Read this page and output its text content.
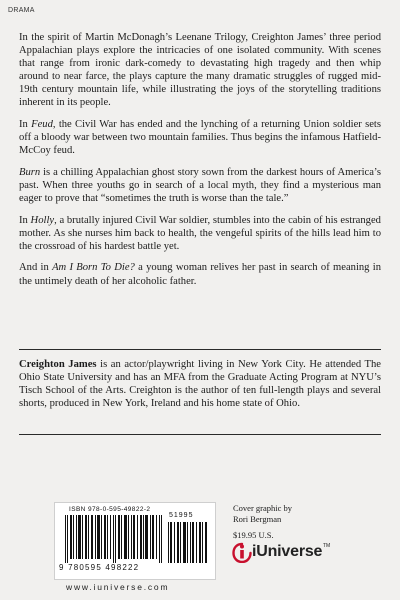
DRAMA

In the spirit of Martin McDonagh’s Leenane Trilogy, Creighton James’ three period Appalachian plays explore the intricacies of one isolated community. With scenes that range from ironic dark-comedy to devastating high tragedy and then whip around to near farce, the plays capture the many dramatic struggles of rugged mid-19th century mountain life, while illustrating the joys of the storytelling traditions inherent in its people.

In Feud, the Civil War has ended and the lynching of a returning Union soldier sets off a bloody war between two mountain families. Thus begins the infamous Hatfield-McCoy feud.

Burn is a chilling Appalachian ghost story sown from the darkest hours of America’s past. When three youths go in search of a local myth, they find a mysterious man eager to prove that “sometimes the truth is worse than the tale.”

In Holly, a brutally injured Civil War soldier, stumbles into the cabin of his estranged mother. As she nurses him back to health, the vengeful spirits of the hills lead him to the crossroad of his hardest battle yet.

And in Am I Born To Die? a young woman relives her past in search of meaning in the untimely death of her alcoholic father.

Creighton James is an actor/playwright living in New York City. He attended The Ohio State University and has an MFA from the Graduate Acting Program at NYU’s Tisch School of the Arts. Creighton is the author of ten full-length plays and several shorts, produced in New York, Ireland and his home state of Ohio.
ISBN 978-0-595-49822-2
51995
9 780595 498222
www.iuniverse.com
Cover graphic by
Rori Bergman
$19.95 U.S.
iUniverse TM
